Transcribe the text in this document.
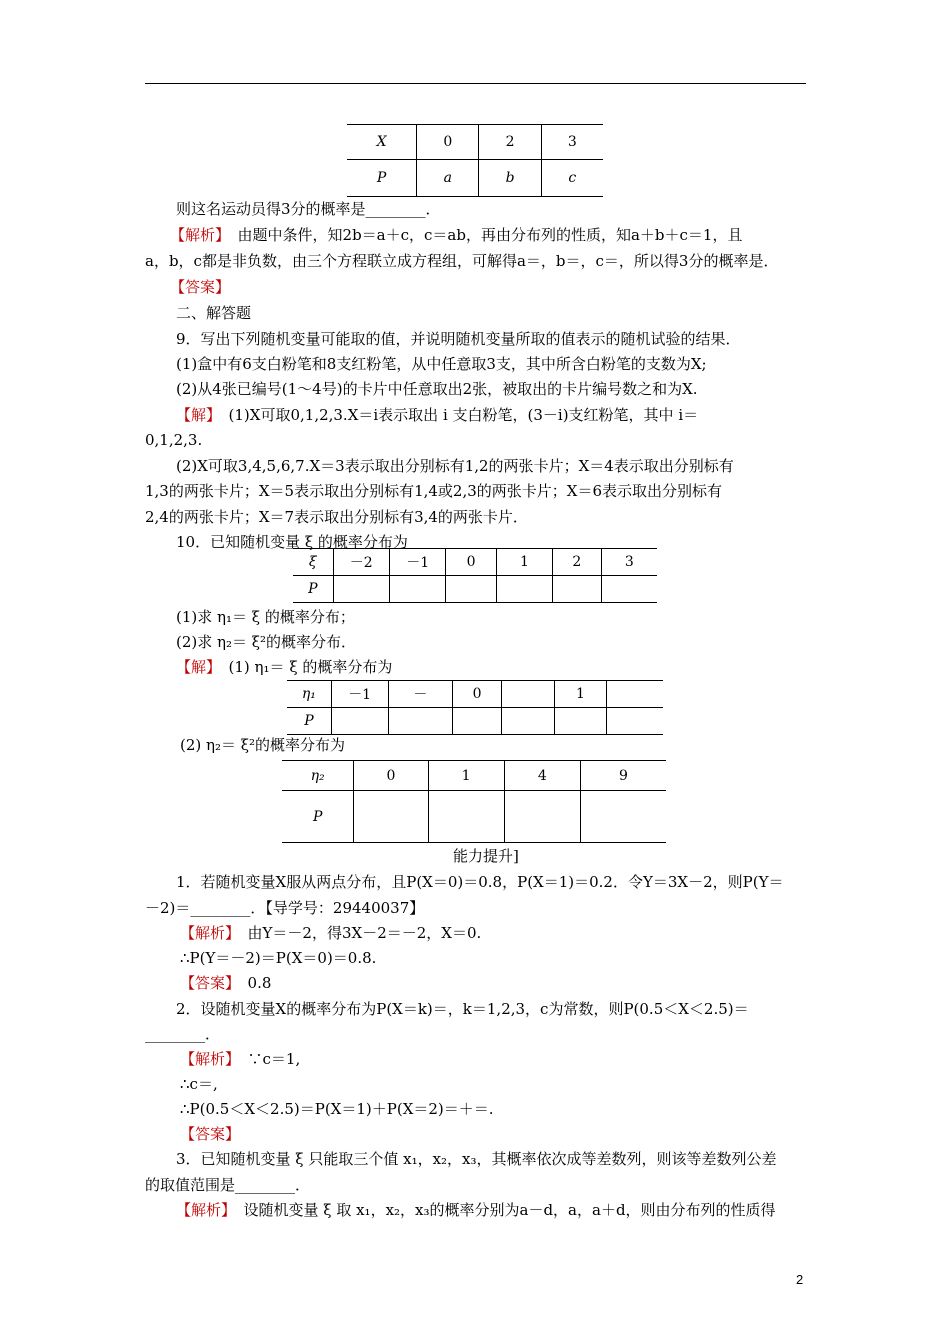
X	0	2	3
P	a	b	c
则这名运动员得3分的概率是________．
【解析】　 由题中条件，知2b＝a＋c，c＝ab，再由分布列的性质，知a＋b＋c＝1，且
a，b，c都是非负数，由三个方程联立成方程组，可解得a＝，b＝，c＝，所以得3分的概率是．
【答案】
二、解答题
9．写出下列随机变量可能取的值，并说明随机变量所取的值表示的随机试验的结果．
(1)盒中有6支白粉笔和8支红粉笔，从中任意取3支，其中所含白粉笔的支数为X;
(2)从4张已编号(1～4号)的卡片中任意取出2张，被取出的卡片编号数之和为X.
【解】　 (1)X可取0,1,2,3.X＝i表示取出 i 支白粉笔，(3－i)支红粉笔，其中 i＝
0,1,2,3.
(2)X可取3,4,5,6,7.X＝3表示取出分别标有1,2的两张卡片；X＝4表示取出分别标有
1,3的两张卡片；X＝5表示取出分别标有1,4或2,3的两张卡片；X＝6表示取出分别标有
2,4的两张卡片；X＝7表示取出分别标有3,4的两张卡片．
10．已知随机变量 ξ 的概率分布为
ξ	－2	－1	0	1	2	3
P						
(1)求 η₁＝ ξ 的概率分布；
(2)求 η₂＝ ξ²的概率分布．
【解】　 (1) η₁＝ ξ 的概率分布为
η₁	－1	－	0		1	
P						
(2) η₂＝ ξ²的概率分布为
η₂	0	1	4	9
P				
能力提升]
1．若随机变量X服从两点分布，且P(X＝0)＝0.8，P(X＝1)＝0.2．令Y＝3X－2，则P(Y＝
－2)＝________．【导学号：29440037】
【解析】　 由Y＝－2，得3X－2＝－2，X＝0.
∴P(Y＝－2)＝P(X＝0)＝0.8.
【答案】　 0.8
2．设随机变量X的概率分布为P(X＝k)＝，k＝1,2,3，c为常数，则P(0.5＜X＜2.5)＝
________．
【解析】　 ∵c＝1,
∴c＝,
∴P(0.5＜X＜2.5)＝P(X＝1)＋P(X＝2)＝＋＝.
【答案】
3．已知随机变量 ξ 只能取三个值 x₁，x₂，x₃，其概率依次成等差数列，则该等差数列公差
的取值范围是________．
【解析】　 设随机变量 ξ 取 x₁，x₂，x₃的概率分别为a－d，a，a＋d，则由分布列的性质得
2
